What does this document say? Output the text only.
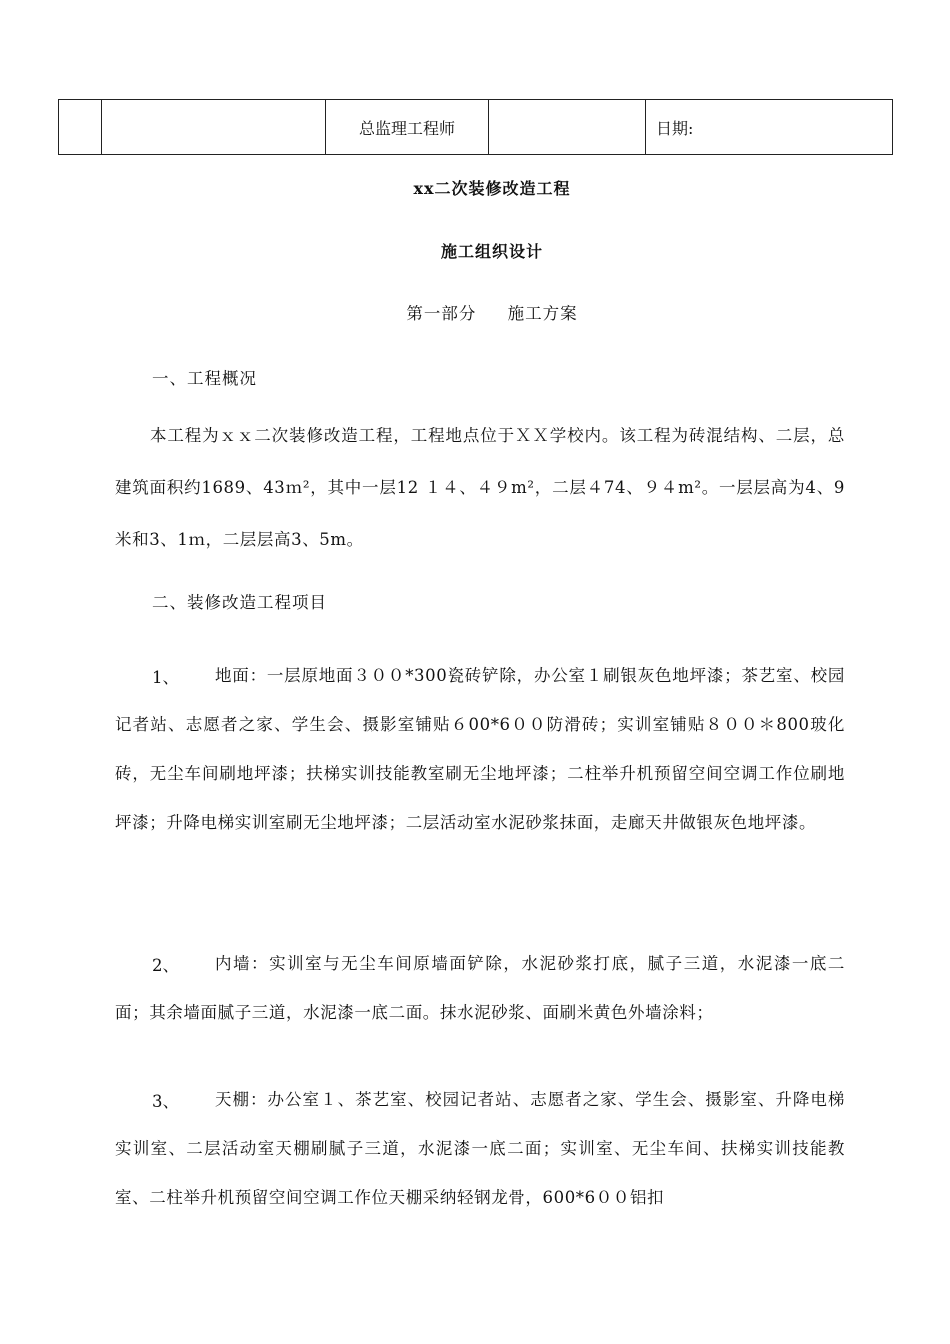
		总监理工程师		日期:
xx二次装修改造工程
施工组织设计
第一部分     施工方案
一、工程概况
本工程为ｘｘ二次装修改造工程，工程地点位于ＸＸ学校内。该工程为砖混结构、二层，总建筑面积约1689、43ｍ²，其中一层12 １４、４９m²，二层４74、９４m²。一层层高为4、9米和3、1ｍ，二层层高3、5m。
二、装修改造工程项目
1、	地面：一层原地面３００*300瓷砖铲除，办公室１刷银灰色地坪漆；茶艺室、校园记者站、志愿者之家、学生会、摄影室铺贴６00*6００防滑砖；实训室铺贴８００＊800玻化砖，无尘车间刷地坪漆；扶梯实训技能教室刷无尘地坪漆；二柱举升机预留空间空调工作位刷地坪漆；升降电梯实训室刷无尘地坪漆；二层活动室水泥砂浆抹面，走廊天井做银灰色地坪漆。
2、	内墙：实训室与无尘车间原墙面铲除，水泥砂浆打底，腻子三道，水泥漆一底二面；其余墙面腻子三道，水泥漆一底二面。抹水泥砂浆、面刷米黄色外墙涂料；
3、	天棚：办公室１、茶艺室、校园记者站、志愿者之家、学生会、摄影室、升降电梯实训室、二层活动室天棚刷腻子三道，水泥漆一底二面；实训室、无尘车间、扶梯实训技能教室、二柱举升机预留空间空调工作位天棚采纳轻钢龙骨，600*6００铝扣
